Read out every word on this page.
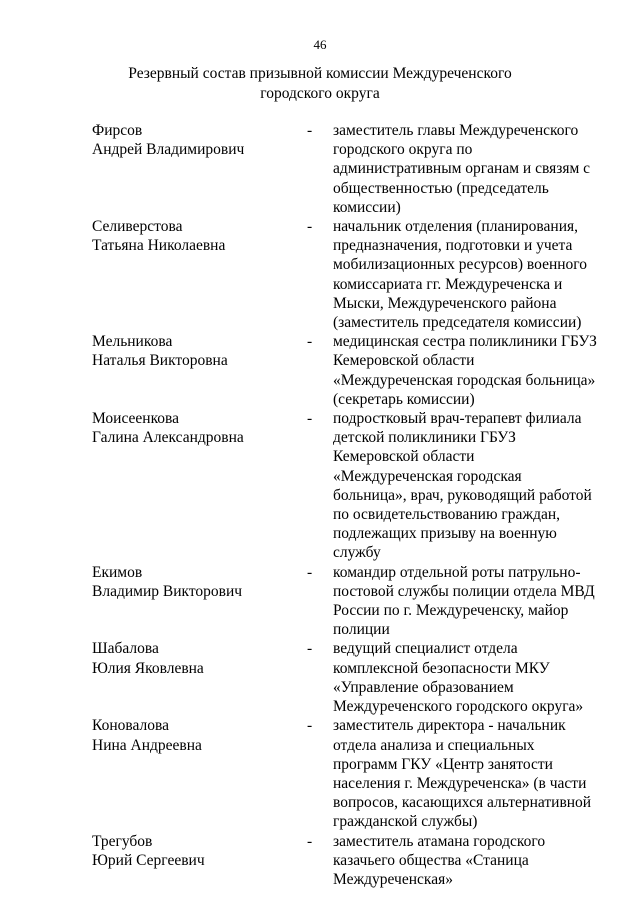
46
Резервный состав призывной комиссии Междуреченского
городского округа
Фирсов
Андрей Владимирович
-	заместитель главы Междуреченского
городского округа по
административным органам и связям с
общественностью (председатель
комиссии)
Селиверстова
Татьяна Николаевна
-	начальник отделения (планирования,
предназначения, подготовки и учета
мобилизационных ресурсов) военного
комиссариата гг. Междуреченска и
Мыски, Междуреченского района
(заместитель председателя комиссии)
Мельникова
Наталья Викторовна
-	медицинская сестра поликлиники ГБУЗ
Кемеровской области
«Междуреченская городская больница»
(секретарь комиссии)
Моисеенкова
Галина Александровна
-	подростковый врач-терапевт филиала
детской поликлиники ГБУЗ
Кемеровской области
«Междуреченская городская
больница», врач, руководящий работой
по освидетельствованию граждан,
подлежащих призыву на военную
службу
Екимов
Владимир Викторович
-	командир отдельной роты патрульно-
постовой службы полиции отдела МВД
России по г. Междуреченску, майор
полиции
Шабалова
Юлия Яковлевна
-	ведущий специалист отдела
комплексной безопасности МКУ
«Управление образованием
Междуреченского городского округа»
Коновалова
Нина Андреевна
-	заместитель директора - начальник
отдела анализа и специальных
программ ГКУ «Центр занятости
населения г. Междуреченска» (в части
вопросов, касающихся альтернативной
гражданской службы)
Трегубов
Юрий Сергеевич
-	заместитель атамана городского
казачьего общества «Станица
Междуреченская»
